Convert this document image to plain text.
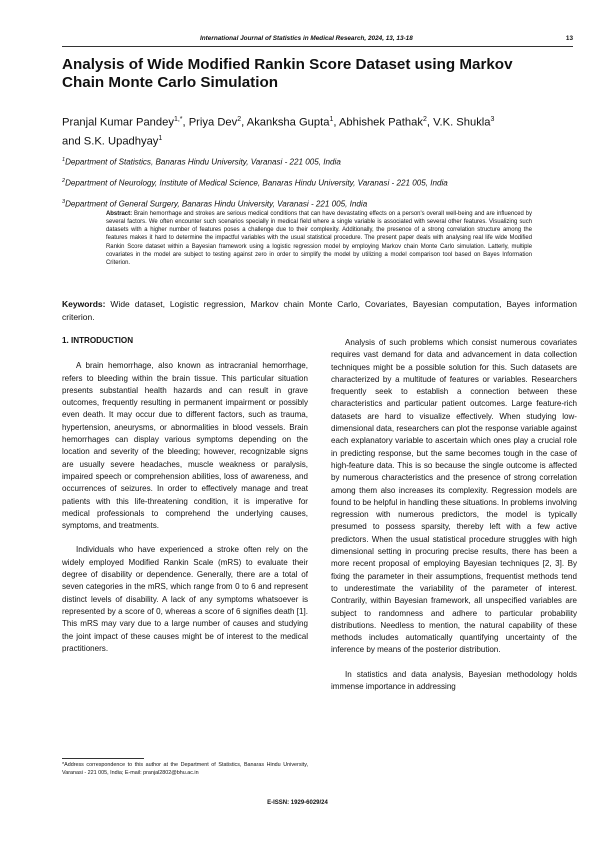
International Journal of Statistics in Medical Research, 2024, 13, 13-18	13
Analysis of Wide Modified Rankin Score Dataset using Markov
Chain Monte Carlo Simulation
Pranjal Kumar Pandey$^{1,*}$, Priya Dev$^2$, Akanksha Gupta$^1$, Abhishek Pathak$^2$, V.K. Shukla$^3$
and S.K. Upadhyay$^1$
$^1$Department of Statistics, Banaras Hindu University, Varanasi - 221 005, India
$^2$Department of Neurology, Institute of Medical Science, Banaras Hindu University, Varanasi - 221 005, India
$^3$Department of General Surgery, Banaras Hindu University, Varanasi - 221 005, India
Abstract: Brain hemorrhage and strokes are serious medical conditions that can have devastating effects on a person's overall well-being and are influenced by several factors. We often encounter such scenarios specially in medical field where a single variable is associated with several other features. Visualizing such datasets with a higher number of features poses a challenge due to their complexity. Additionally, the presence of a strong correlation structure among the features makes it hard to determine the impactful variables with the usual statistical procedure. The present paper deals with analysing real life wide Modified Rankin Score dataset within a Bayesian framework using a logistic regression model by employing Markov chain Monte Carlo simulation. Latterly, multiple covariates in the model are subject to testing against zero in order to simplify the model by utilizing a model comparison tool based on Bayes Information Criterion.
Keywords: Wide dataset, Logistic regression, Markov chain Monte Carlo, Covariates, Bayesian computation, Bayes information criterion.
1. INTRODUCTION

A brain hemorrhage, also known as intracranial hemorrhage, refers to bleeding within the brain tissue. This particular situation presents substantial health hazards and can result in grave outcomes, frequently resulting in permanent impairment or possibly even death. It may occur due to different factors, such as trauma, hypertension, aneurysms, or abnormalities in blood vessels. Brain hemorrhages can display various symptoms depending on the location and severity of the bleeding; however, recognizable signs are usually severe headaches, muscle weakness or paralysis, impaired speech or comprehension abilities, loss of awareness, and occurrences of seizures. In order to effectively manage and treat patients with this life-threatening condition, it is imperative for medical professionals to comprehend the underlying causes, symptoms, and treatments.

Individuals who have experienced a stroke often rely on the widely employed Modified Rankin Scale (mRS) to evaluate their degree of disability or dependence. Generally, there are a total of seven categories in the mRS, which range from 0 to 6 and represent distinct levels of disability. A lack of any symptoms whatsoever is represented by a score of 0, whereas a score of 6 signifies death [1]. This mRS may vary due to a large number of causes and studying the joint impact of these causes might be of interest to the medical practitioners.

Analysis of such problems which consist numerous covariates requires vast demand for data and advancement in data collection techniques might be a possible solution for this. Such datasets are characterized by a multitude of features or variables. Researchers frequently seek to establish a connection between these characteristics and particular patient outcomes. Large feature-rich datasets are hard to visualize effectively. When studying low-dimensional data, researchers can plot the response variable against each explanatory variable to ascertain which ones play a crucial role in predicting response, but the same becomes tough in the case of high-feature data. This is so because the single outcome is affected by numerous characteristics and the presence of strong correlation among them also increases its complexity. Regression models are found to be helpful in handling these situations. In problems involving regression with numerous predictors, the model is typically presumed to possess sparsity, thereby left with a few active predictors. When the usual statistical procedure struggles with high dimensional setting in procuring precise results, there has been a more recent proposal of employing Bayesian techniques [2, 3]. By fixing the parameter in their assumptions, frequentist methods tend to underestimate the variability of the parameter of interest. Contrarily, within Bayesian framework, all unspecified variables are subject to randomness and adhere to particular probability distributions. Needless to mention, the natural capability of these methods includes automatically quantifying uncertainty of the inference by means of the posterior distribution.

In statistics and data analysis, Bayesian methodology holds immense importance in addressing

*Address correspondence to this author at the Department of Statistics, Banaras Hindu University, Varanasi - 221 005, India; E-mail: pranjal2802@bhu.ac.in
E-ISSN: 1929-6029/24
